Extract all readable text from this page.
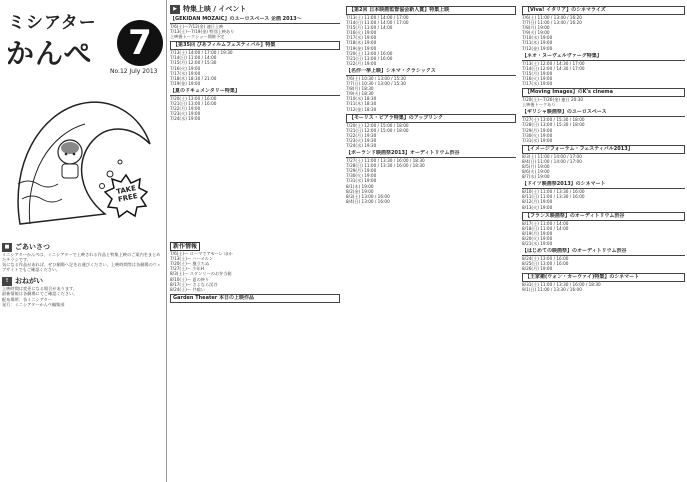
ミシアター
かんぺ	7
No.12 July 2013
TAKE FREE
■ ごあいさつ
ミニシアターかんぺは、ミニシアターで上映される作品と特集上映のご案内をまとめたチラシです。
気になる作品があれば、ぜひ劇場へ足をお運びください。上映時間等は各劇場のウェブサイトでもご確認ください。
! おねがい
上映時間は変更になる場合があります。
最新情報は各劇場にてご確認ください。
配布場所：各ミニシアター
発行：ミニシアターかんぺ編集部
▶ 特集上映 / イベント
【GEKIDAN MOZAIC】のユーロスペース 企画 2013〜
7/6(土)〜7/12(金) 連日上映
7/13(土)〜7/19(金) 特別上映あり
上映後トークショー開催予定
【第35回 ぴあフィルムフェスティバル】特集
7/13(土) 14:00 / 17:00 / 19:30
7/14(日) 11:00 / 14:00
7/15(月) 12:00 / 15:30
7/16(火) 19:00
7/17(水) 19:00
7/18(木) 18:30 / 21:00
7/19(金) 19:00
【夏のドキュメンタリー特集】
7/20(土) 13:00 / 16:00
7/21(日) 13:00 / 16:00
7/22(月) 19:00
7/23(火) 19:00
7/24(水) 19:00
新作情報
7/6(土)〜 ローマでアモーレ ほか
7/13(土)〜 ハーメルン
7/20(土)〜 風立ちぬ
7/27(土)〜 少年H
8/3(土)〜 スタンリーのお弁当箱
8/10(土)〜 夏の終り
8/17(土)〜 さよなら渓谷
8/24(土)〜 共喰い
Garden Theater 本日の上映作品
【第2回 日本映画監督協会新人賞】特集上映
7/13(土) 11:00 / 14:00 / 17:00
7/14(日) 11:00 / 14:00 / 17:00
7/15(月) 11:00 / 14:00
7/16(火) 19:00
7/17(水) 19:00
7/18(木) 19:00
7/19(金) 19:00
7/20(土) 13:00 / 16:00
7/21(日) 13:00 / 16:00
7/22(月) 19:00
【名作一挙上映】シネマ・クラシックス
7/6(土) 10:30 / 13:00 / 15:30
7/7(日) 10:30 / 13:00 / 15:30
7/8(月) 18:30
7/9(火) 18:30
7/10(水) 18:30
7/11(木) 18:30
7/12(金) 18:30
【モーリス・ピアラ特集】のアップリンク
7/20(土) 12:00 / 15:00 / 18:00
7/21(日) 12:00 / 15:00 / 18:00
7/22(月) 19:30
7/23(火) 19:30
7/24(水) 19:30
【ポーランド映画祭2013】オーディトリウム渋谷
7/27(土) 11:00 / 13:30 / 16:00 / 18:30
7/28(日) 11:00 / 13:30 / 16:00 / 18:30
7/29(月) 19:00
7/30(火) 19:00
7/31(水) 19:00
8/1(木) 19:00
8/2(金) 19:00
8/3(土) 13:00 / 16:00
8/4(日) 13:00 / 16:00
【Viva! イタリア】のシネマライズ
7/6(土) 11:00 / 13:40 / 16:20
7/7(日) 11:00 / 13:40 / 16:20
7/8(月) 19:00
7/9(火) 19:00
7/10(水) 19:00
7/11(木) 19:00
7/12(金) 19:00
【ネオ・ヌーヴェルヴァーグ特集】
7/13(土) 12:00 / 14:30 / 17:00
7/14(日) 12:00 / 14:30 / 17:00
7/15(月) 19:00
7/16(火) 19:00
7/17(水) 19:00
【Moving Images】のK's cinema
7/20(土)〜7/26(金) 連日 20:30
上映後トークあり
【ギリシャ映画祭】のユーロスペース
7/27(土) 13:00 / 15:30 / 18:00
7/28(日) 13:00 / 15:30 / 18:00
7/29(月) 19:00
7/30(火) 19:00
7/31(水) 19:00
【イメージフォーラム・フェスティバル2013】
8/3(土) 11:00 / 14:00 / 17:00
8/4(日) 11:00 / 14:00 / 17:00
8/5(月) 19:00
8/6(火) 19:00
8/7(水) 19:00
【ドイツ映画祭2013】のシネマート
8/10(土) 11:00 / 13:30 / 16:00
8/11(日) 11:00 / 13:30 / 16:00
8/12(月) 19:00
8/13(火) 19:00
【フランス映画祭】のオーディトリウム渋谷
8/17(土) 11:00 / 14:00
8/18(日) 11:00 / 14:00
8/19(月) 19:00
8/20(火) 19:00
8/21(水) 19:00
【はじめての映画祭】のオーディトリウム渋谷
8/24(土) 13:00 / 16:00
8/25(日) 13:00 / 16:00
8/26(月) 19:00
【王家衛(ウォン・カーウァイ)特集】のシネマート
8/31(土) 11:00 / 13:30 / 16:00 / 18:30
9/1(日) 11:00 / 13:30 / 16:00
